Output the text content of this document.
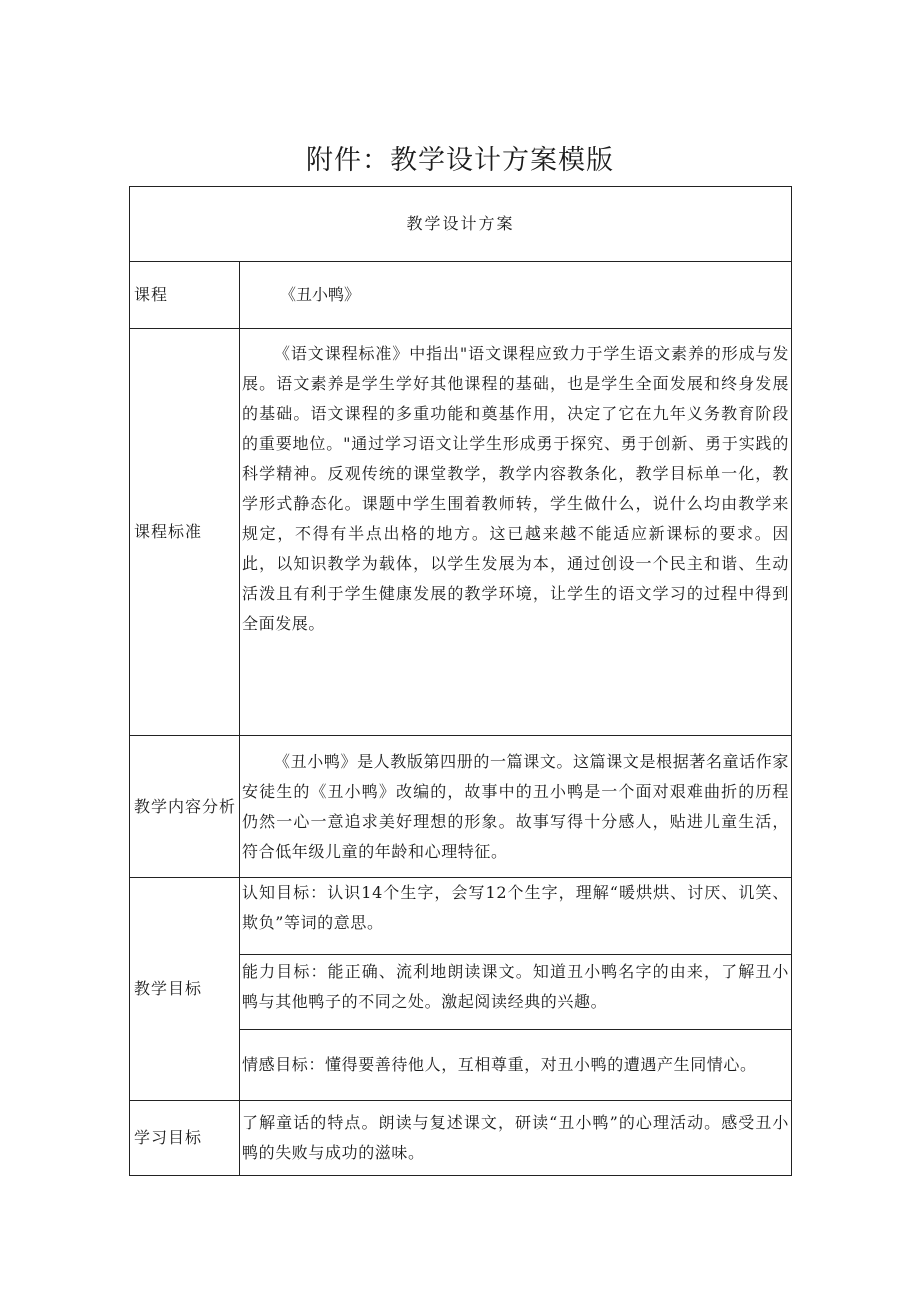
附件：教学设计方案模版
教学设计方案	
课程	《丑小鸭》
课程标准	《语文课程标准》中指出"语文课程应致力于学生语文素养的形成与发展。语文素养是学生学好其他课程的基础，也是学生全面发展和终身发展的基础。语文课程的多重功能和奠基作用，决定了它在九年义务教育阶段的重要地位。"通过学习语文让学生形成勇于探究、勇于创新、勇于实践的科学精神。反观传统的课堂教学，教学内容教条化，教学目标单一化，教学形式静态化。课题中学生围着教师转，学生做什么，说什么均由教学来规定，不得有半点出格的地方。这已越来越不能适应新课标的要求。因此，以知识教学为载体，以学生发展为本，通过创设一个民主和谐、生动活泼且有利于学生健康发展的教学环境，让学生的语文学习的过程中得到全面发展。
教学内容分析	《丑小鸭》是人教版第四册的一篇课文。这篇课文是根据著名童话作家安徒生的《丑小鸭》改编的，故事中的丑小鸭是一个面对艰难曲折的历程仍然一心一意追求美好理想的形象。故事写得十分感人，贴进儿童生活，符合低年级儿童的年龄和心理特征。
教学目标	认知目标：认识14个生字，会写12个生字，理解“暖烘烘、讨厌、讥笑、欺负”等词的意思。
	能力目标：能正确、流利地朗读课文。知道丑小鸭名字的由来，了解丑小鸭与其他鸭子的不同之处。激起阅读经典的兴趣。
	情感目标：懂得要善待他人，互相尊重，对丑小鸭的遭遇产生同情心。
学习目标	了解童话的特点。朗读与复述课文，研读“丑小鸭”的心理活动。感受丑小鸭的失败与成功的滋味。
